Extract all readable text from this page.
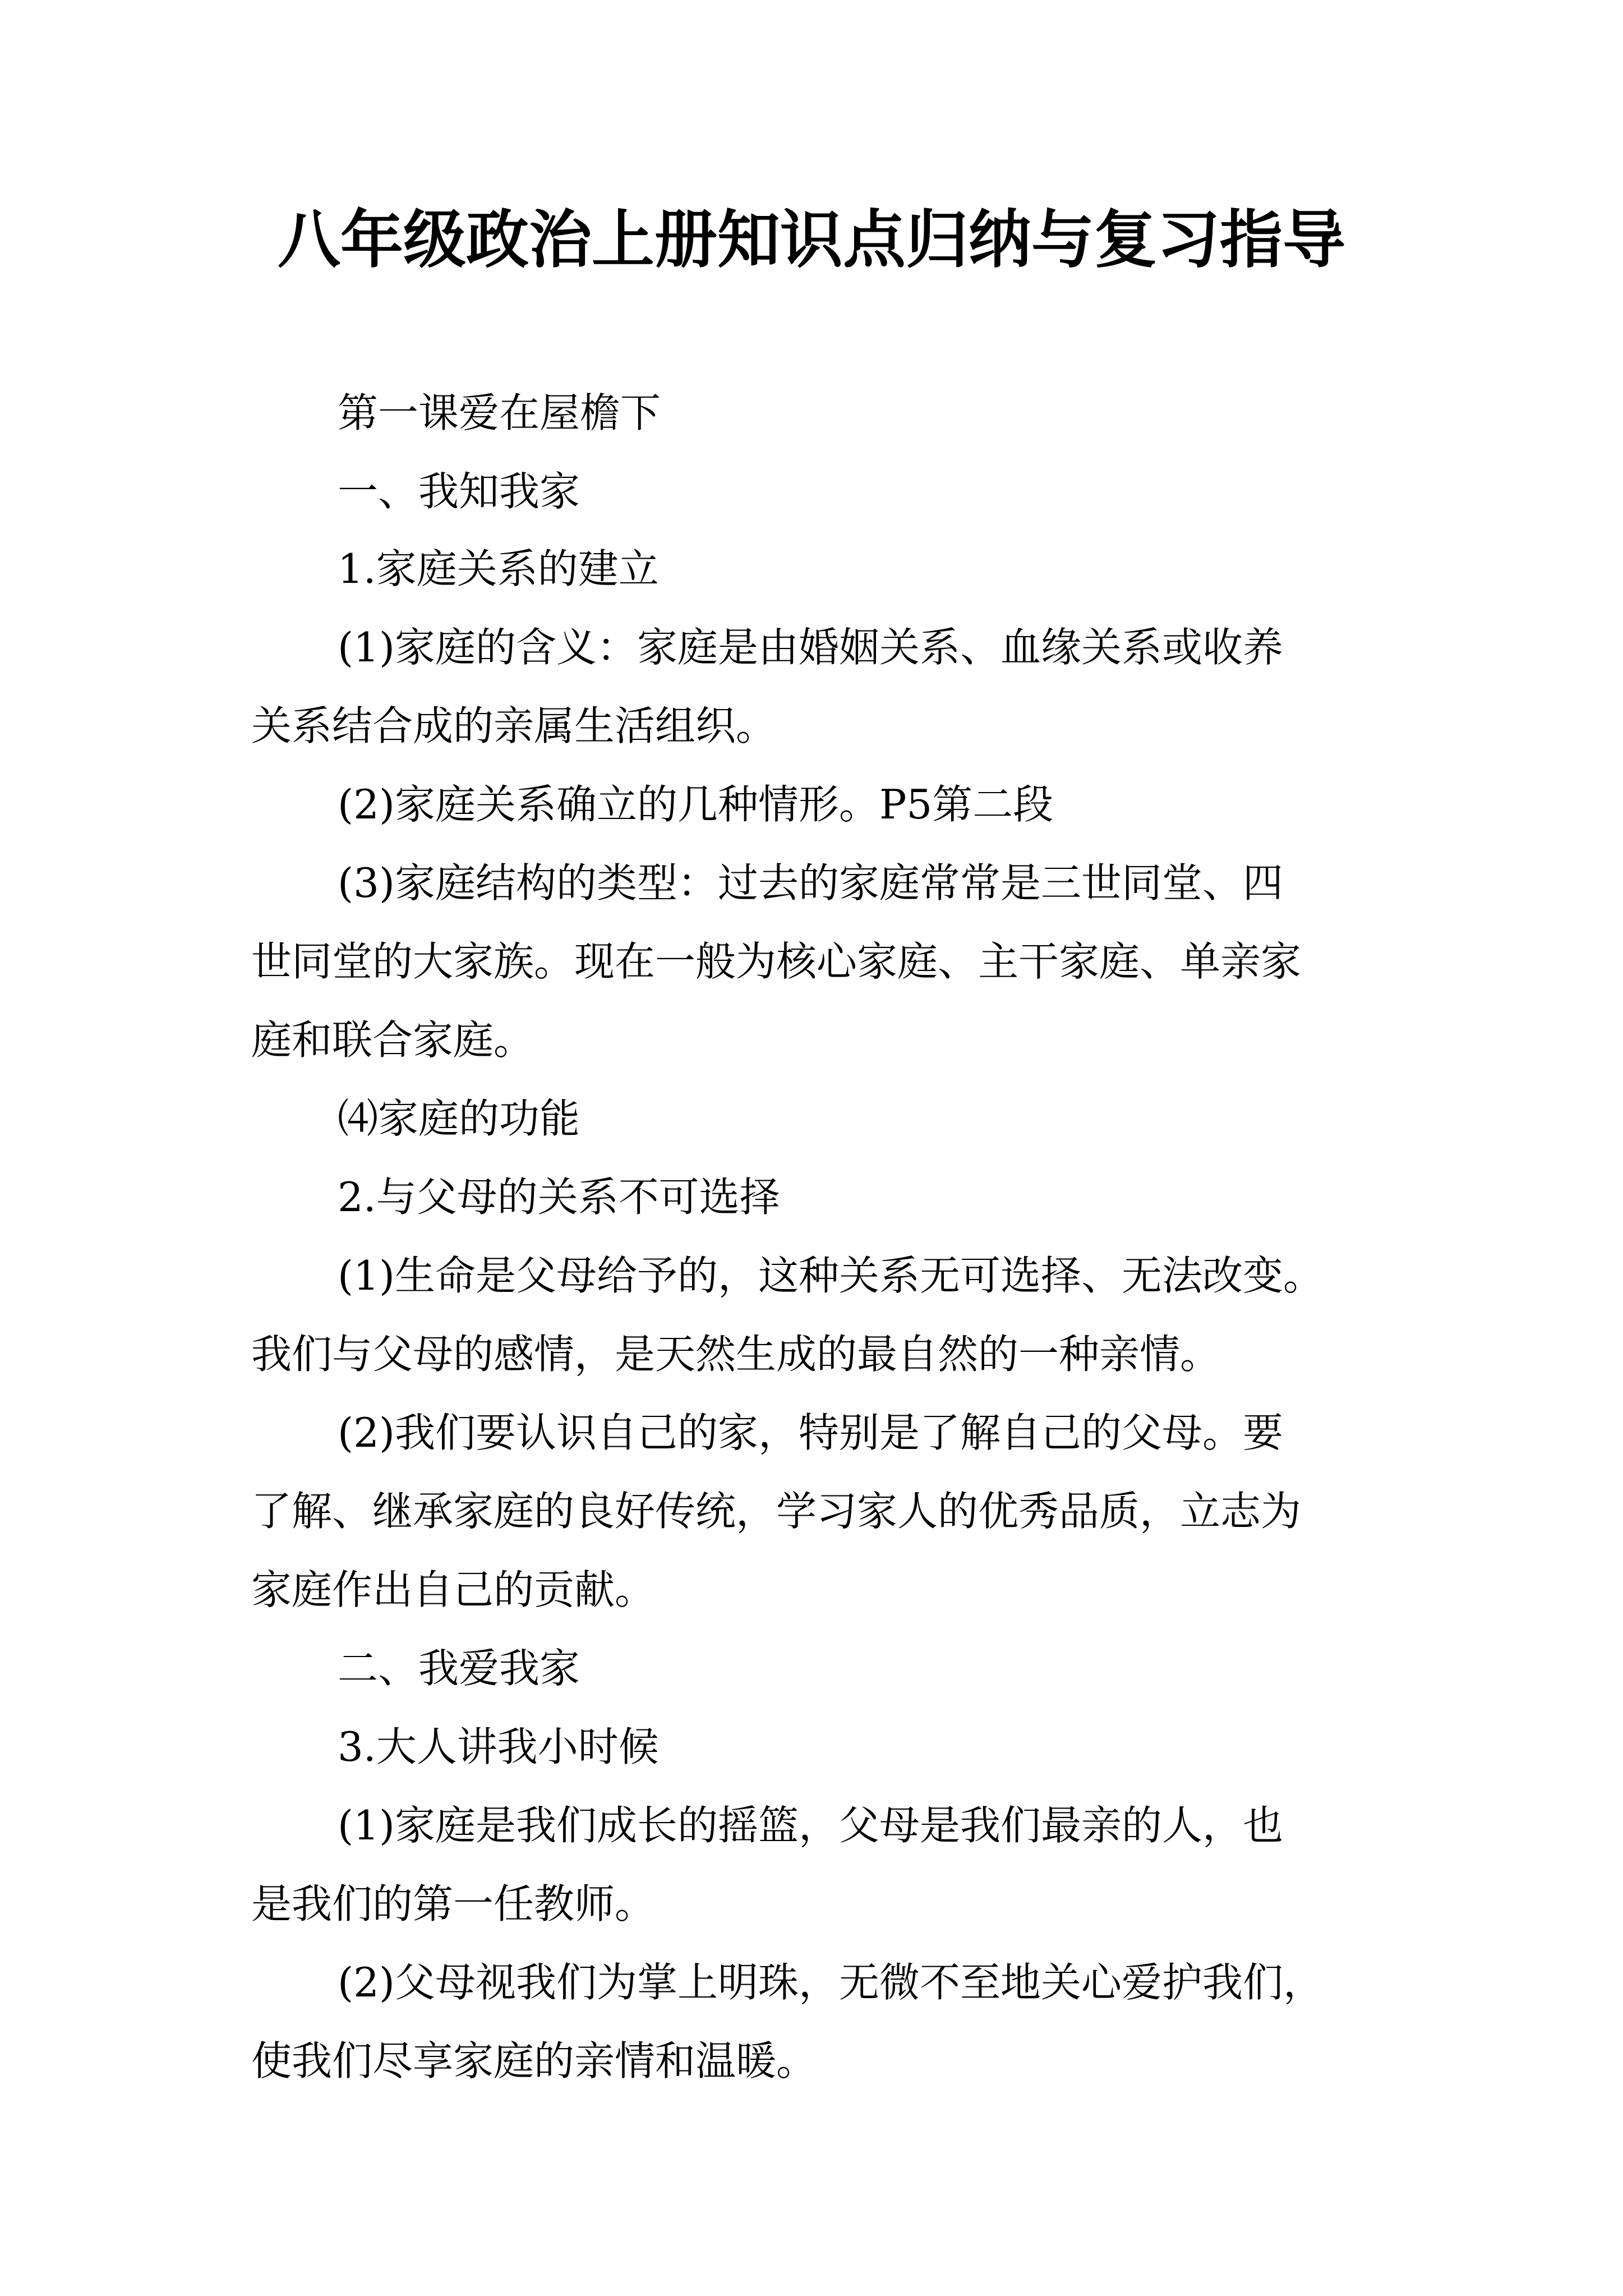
八年级政治上册知识点归纳与复习指导
第一课爱在屋檐下
一、我知我家
1.家庭关系的建立
(1)家庭的含义：家庭是由婚姻关系、血缘关系或收养
关系结合成的亲属生活组织。
(2)家庭关系确立的几种情形。P5第二段
(3)家庭结构的类型：过去的家庭常常是三世同堂、四
世同堂的大家族。现在一般为核心家庭、主干家庭、单亲家
庭和联合家庭。
⑷家庭的功能
2.与父母的关系不可选择
(1)生命是父母给予的，这种关系无可选择、无法改变。
我们与父母的感情，是天然生成的最自然的一种亲情。
(2)我们要认识自己的家，特别是了解自己的父母。要
了解、继承家庭的良好传统，学习家人的优秀品质，立志为
家庭作出自己的贡献。
二、我爱我家
3.大人讲我小时候
(1)家庭是我们成长的摇篮，父母是我们最亲的人，也
是我们的第一任教师。
(2)父母视我们为掌上明珠，无微不至地关心爱护我们，
使我们尽享家庭的亲情和温暖。
